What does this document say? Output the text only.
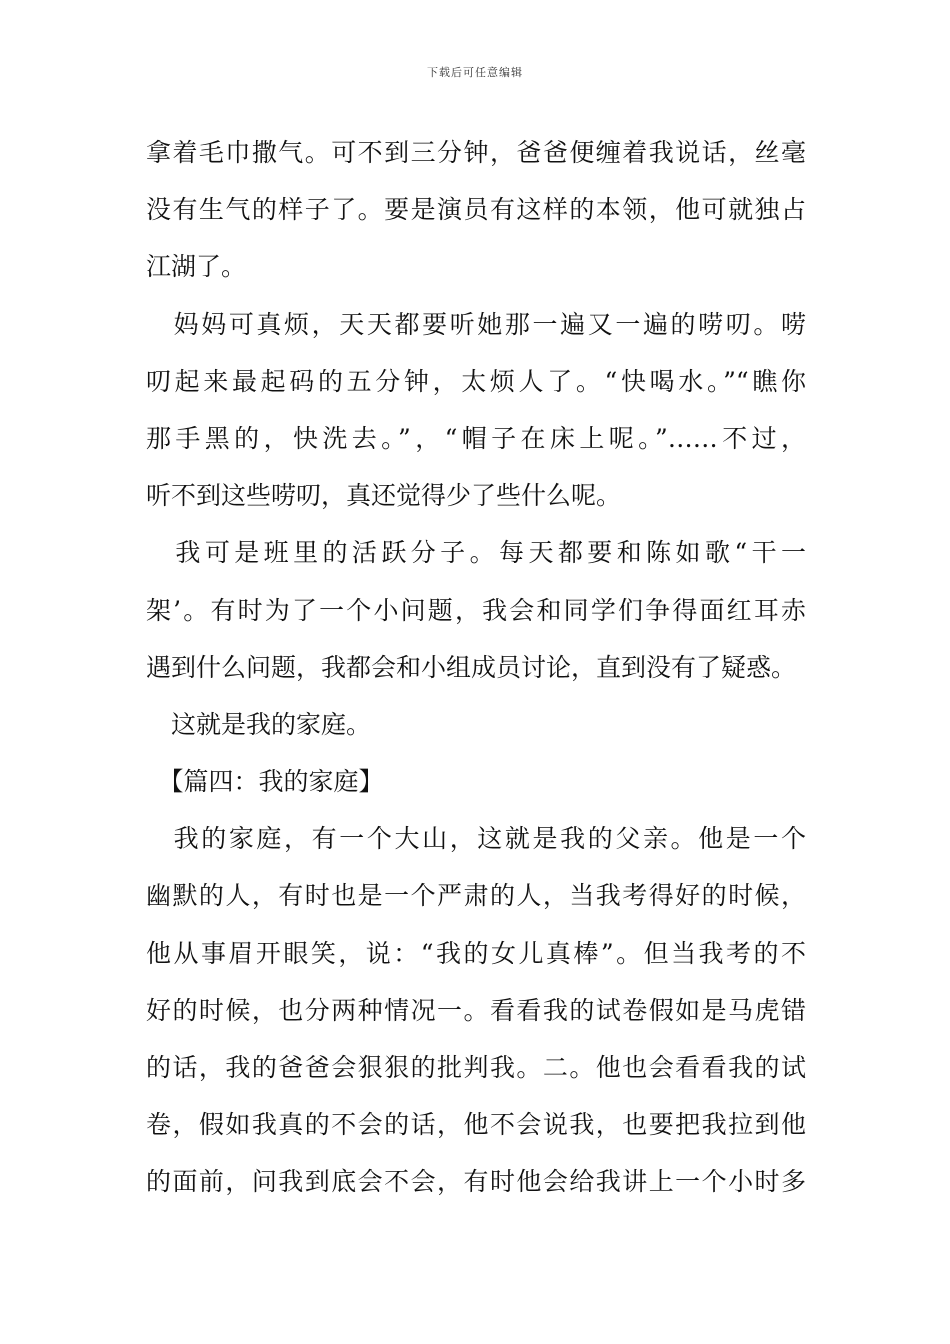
下载后可任意编辑
拿着毛巾撒气。可不到三分钟，爸爸便缠着我说话，丝毫
没有生气的样子了。要是演员有这样的本领，他可就独占
江湖了。
　妈妈可真烦，天天都要听她那一遍又一遍的唠叨。唠
叨起来最起码的五分钟，太烦人了。“快喝水。”“瞧你
那手黑的，快洗去。”，“帽子在床上呢。”……不过，
听不到这些唠叨，真还觉得少了些什么呢。
　我可是班里的活跃分子。每天都要和陈如歌“干一
架’。有时为了一个小问题，我会和同学们争得面红耳赤
遇到什么问题，我都会和小组成员讨论，直到没有了疑惑。
　这就是我的家庭。
　【篇四：我的家庭】
　我的家庭，有一个大山，这就是我的父亲。他是一个
幽默的人，有时也是一个严肃的人，当我考得好的时候，
他从事眉开眼笑，说：“我的女儿真棒”。但当我考的不
好的时候，也分两种情况一。看看我的试卷假如是马虎错
的话，我的爸爸会狠狠的批判我。二。他也会看看我的试
卷，假如我真的不会的话，他不会说我，也要把我拉到他
的面前，问我到底会不会，有时他会给我讲上一个小时多
